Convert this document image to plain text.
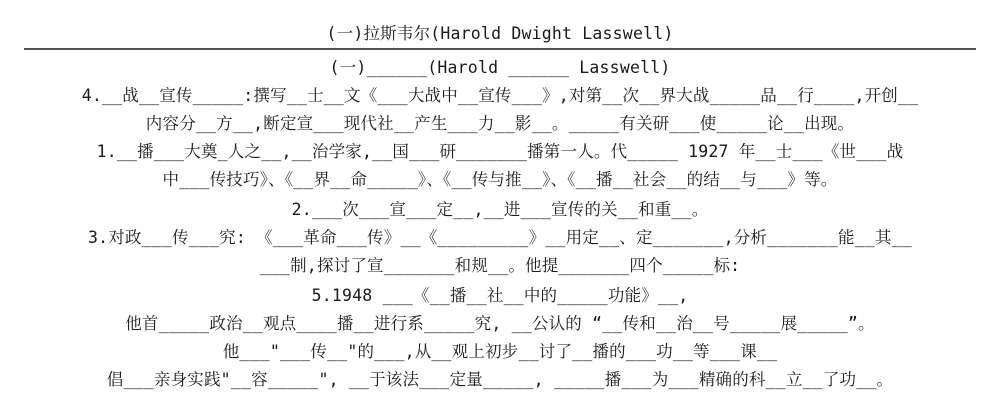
(一)拉斯韦尔(Harold Dwight Lasswell)
(一)______(Harold ______ Lasswell)
4.__战__宣传_____:撰写__士__文《___大战中__宣传___》,对第__次__界大战_____品__行____,开创__
内容分__方__,断定宣___现代社__产生___力__影__。_____有关研___使_____论__出现。
1.__播___大奠_人之__,__治学家,__国___研_______播第一人。代_____ 1927 年__士___《世___战
中___传技巧》、《__界__命_____》、《__传与推__》、《__播__社会__的结__与___》等。
2.___次___宣___定__,__进___宣传的关__和重__。
3.对政___传___究: 《___革命___传》__《_________》__用定__、定_______,分析_______能__其__
___制,探讨了宣_______和规__。他提_______四个_____标:
5.1948 ___《__播__社__中的_____功能》__,
他首_____政治__观点____播__进行系_____究, __公认的 “__传和__治__号_____展_____”。
他___"___传__"的___,从__观上初步__讨了__播的___功__等___课__
倡___亲身实践"__容_____", __于该法___定量_____, _____播___为___精确的科__立__了功__。
